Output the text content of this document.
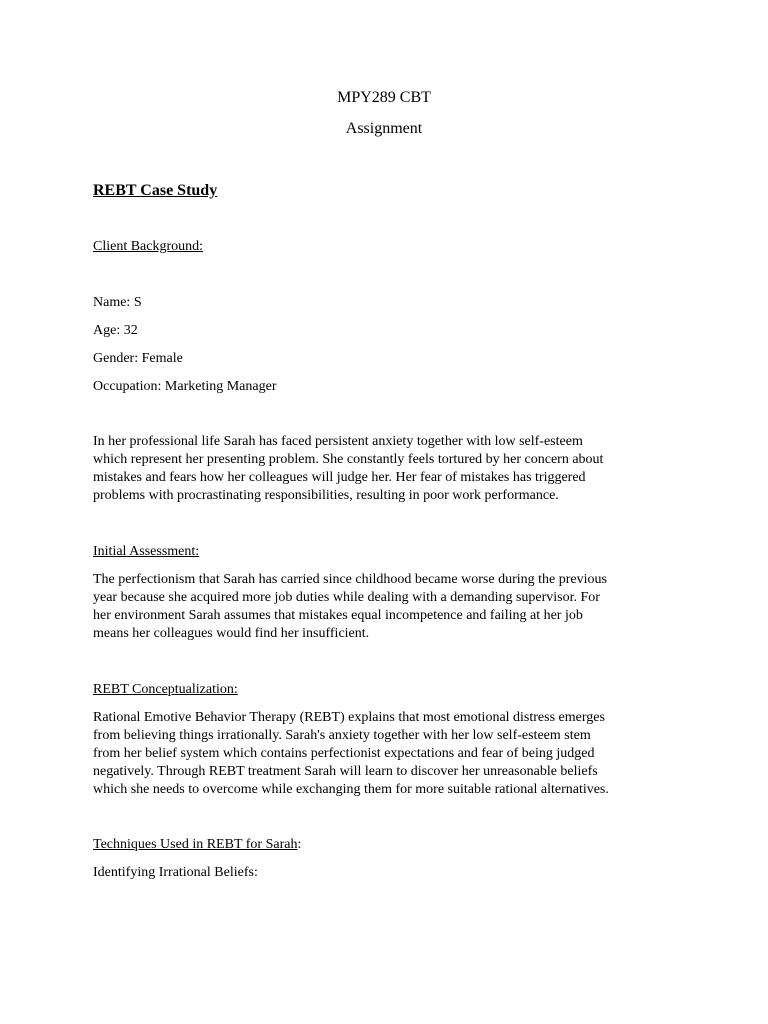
MPY289 CBT

Assignment

REBT Case Study

Client Background:

Name: S

Age: 32

Gender: Female

Occupation: Marketing Manager

In her professional life Sarah has faced persistent anxiety together with low self-esteem
which represent her presenting problem. She constantly feels tortured by her concern about
mistakes and fears how her colleagues will judge her. Her fear of mistakes has triggered
problems with procrastinating responsibilities, resulting in poor work performance.

Initial Assessment:

The perfectionism that Sarah has carried since childhood became worse during the previous
year because she acquired more job duties while dealing with a demanding supervisor. For
her environment Sarah assumes that mistakes equal incompetence and failing at her job
means her colleagues would find her insufficient.

REBT Conceptualization:

Rational Emotive Behavior Therapy (REBT) explains that most emotional distress emerges
from believing things irrationally. Sarah's anxiety together with her low self-esteem stem
from her belief system which contains perfectionist expectations and fear of being judged
negatively. Through REBT treatment Sarah will learn to discover her unreasonable beliefs
which she needs to overcome while exchanging them for more suitable rational alternatives.

Techniques Used in REBT for Sarah:

Identifying Irrational Beliefs:
